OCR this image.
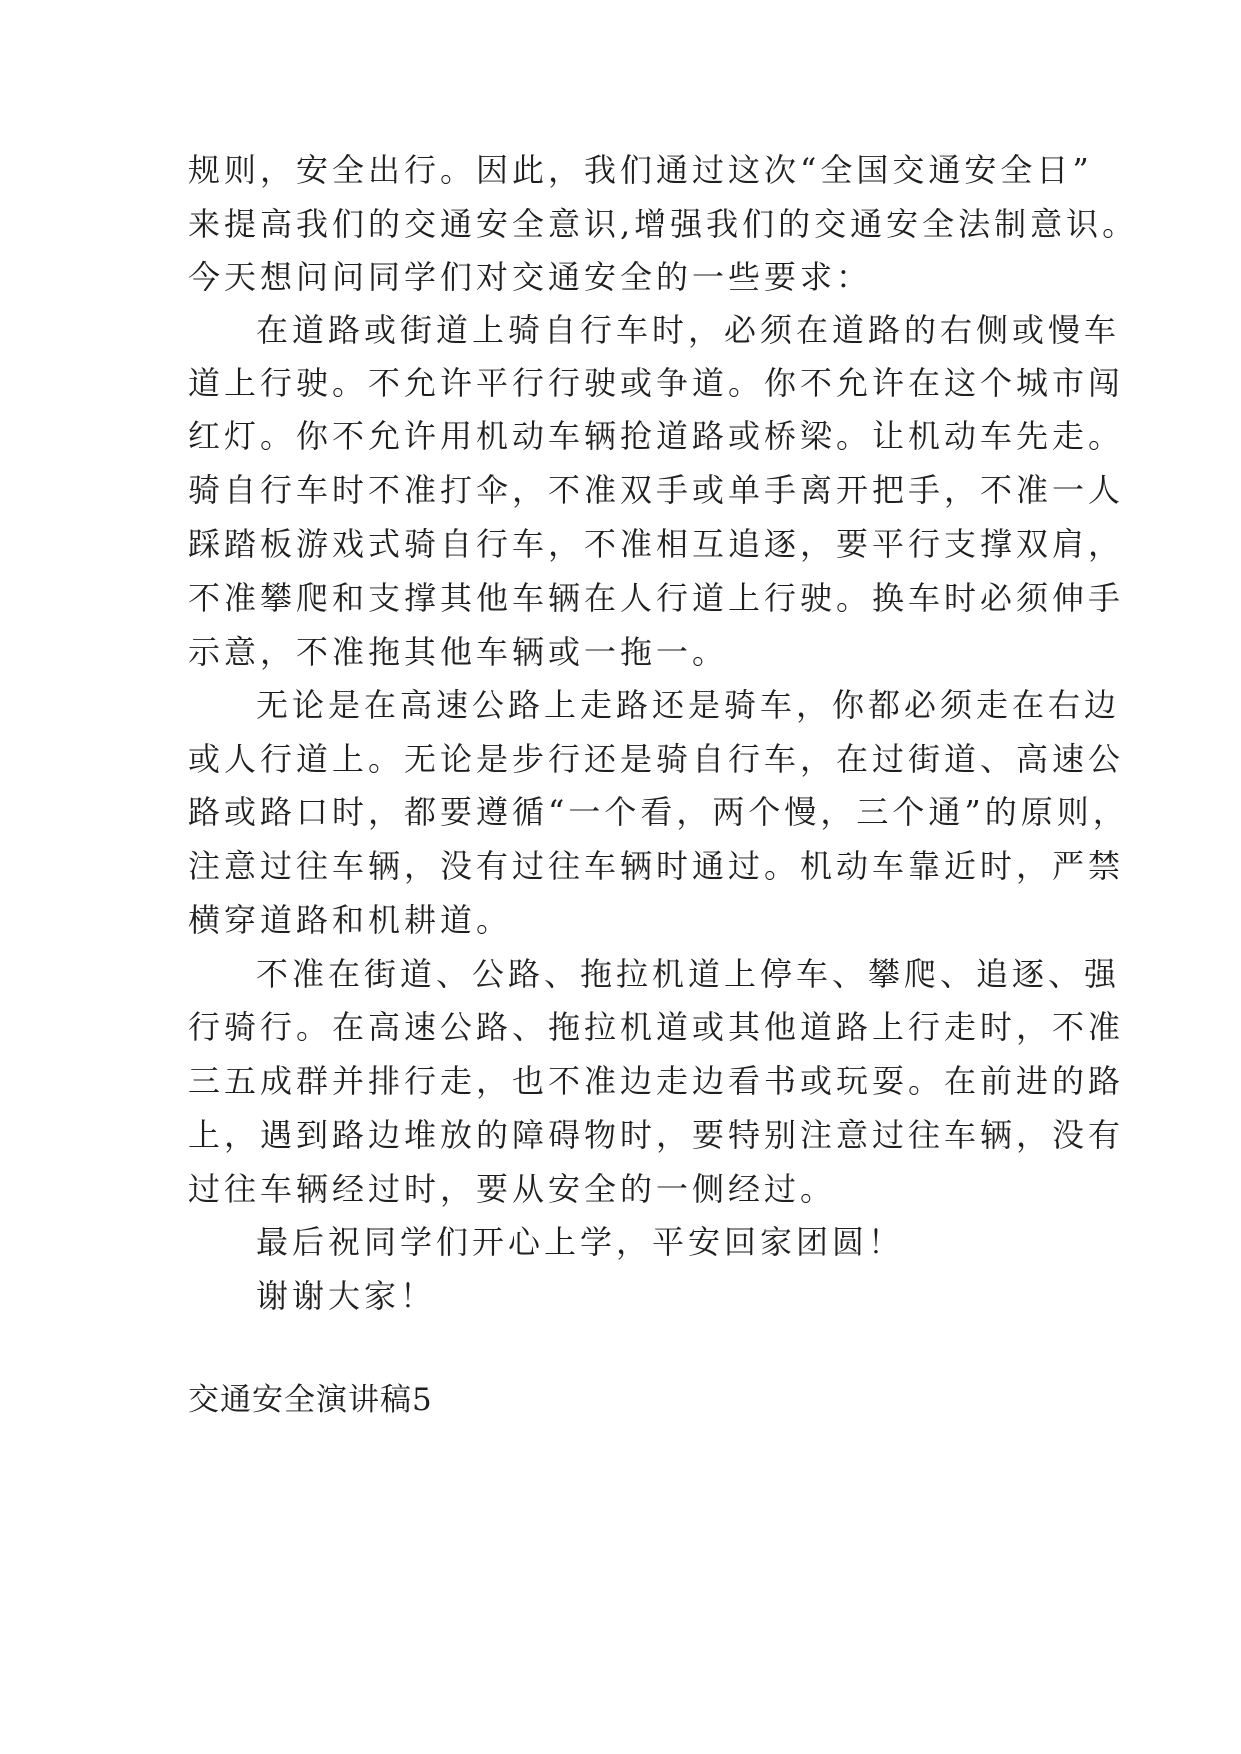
规则，安全出行。因此，我们通过这次“全国交通安全日”

来提高我们的交通安全意识,增强我们的交通安全法制意识。

今天想问问同学们对交通安全的一些要求：

在道路或街道上骑自行车时，必须在道路的右侧或慢车

道上行驶。不允许平行行驶或争道。你不允许在这个城市闯

红灯。你不允许用机动车辆抢道路或桥梁。让机动车先走。

骑自行车时不准打伞，不准双手或单手离开把手，不准一人

踩踏板游戏式骑自行车，不准相互追逐，要平行支撑双肩，

不准攀爬和支撑其他车辆在人行道上行驶。换车时必须伸手

示意，不准拖其他车辆或一拖一。

无论是在高速公路上走路还是骑车，你都必须走在右边

或人行道上。无论是步行还是骑自行车，在过街道、高速公

路或路口时，都要遵循“一个看，两个慢，三个通”的原则，

注意过往车辆，没有过往车辆时通过。机动车靠近时，严禁

横穿道路和机耕道。

不准在街道、公路、拖拉机道上停车、攀爬、追逐、强

行骑行。在高速公路、拖拉机道或其他道路上行走时，不准

三五成群并排行走，也不准边走边看书或玩耍。在前进的路

上，遇到路边堆放的障碍物时，要特别注意过往车辆，没有

过往车辆经过时，要从安全的一侧经过。

最后祝同学们开心上学，平安回家团圆！

谢谢大家！

交通安全演讲稿5
